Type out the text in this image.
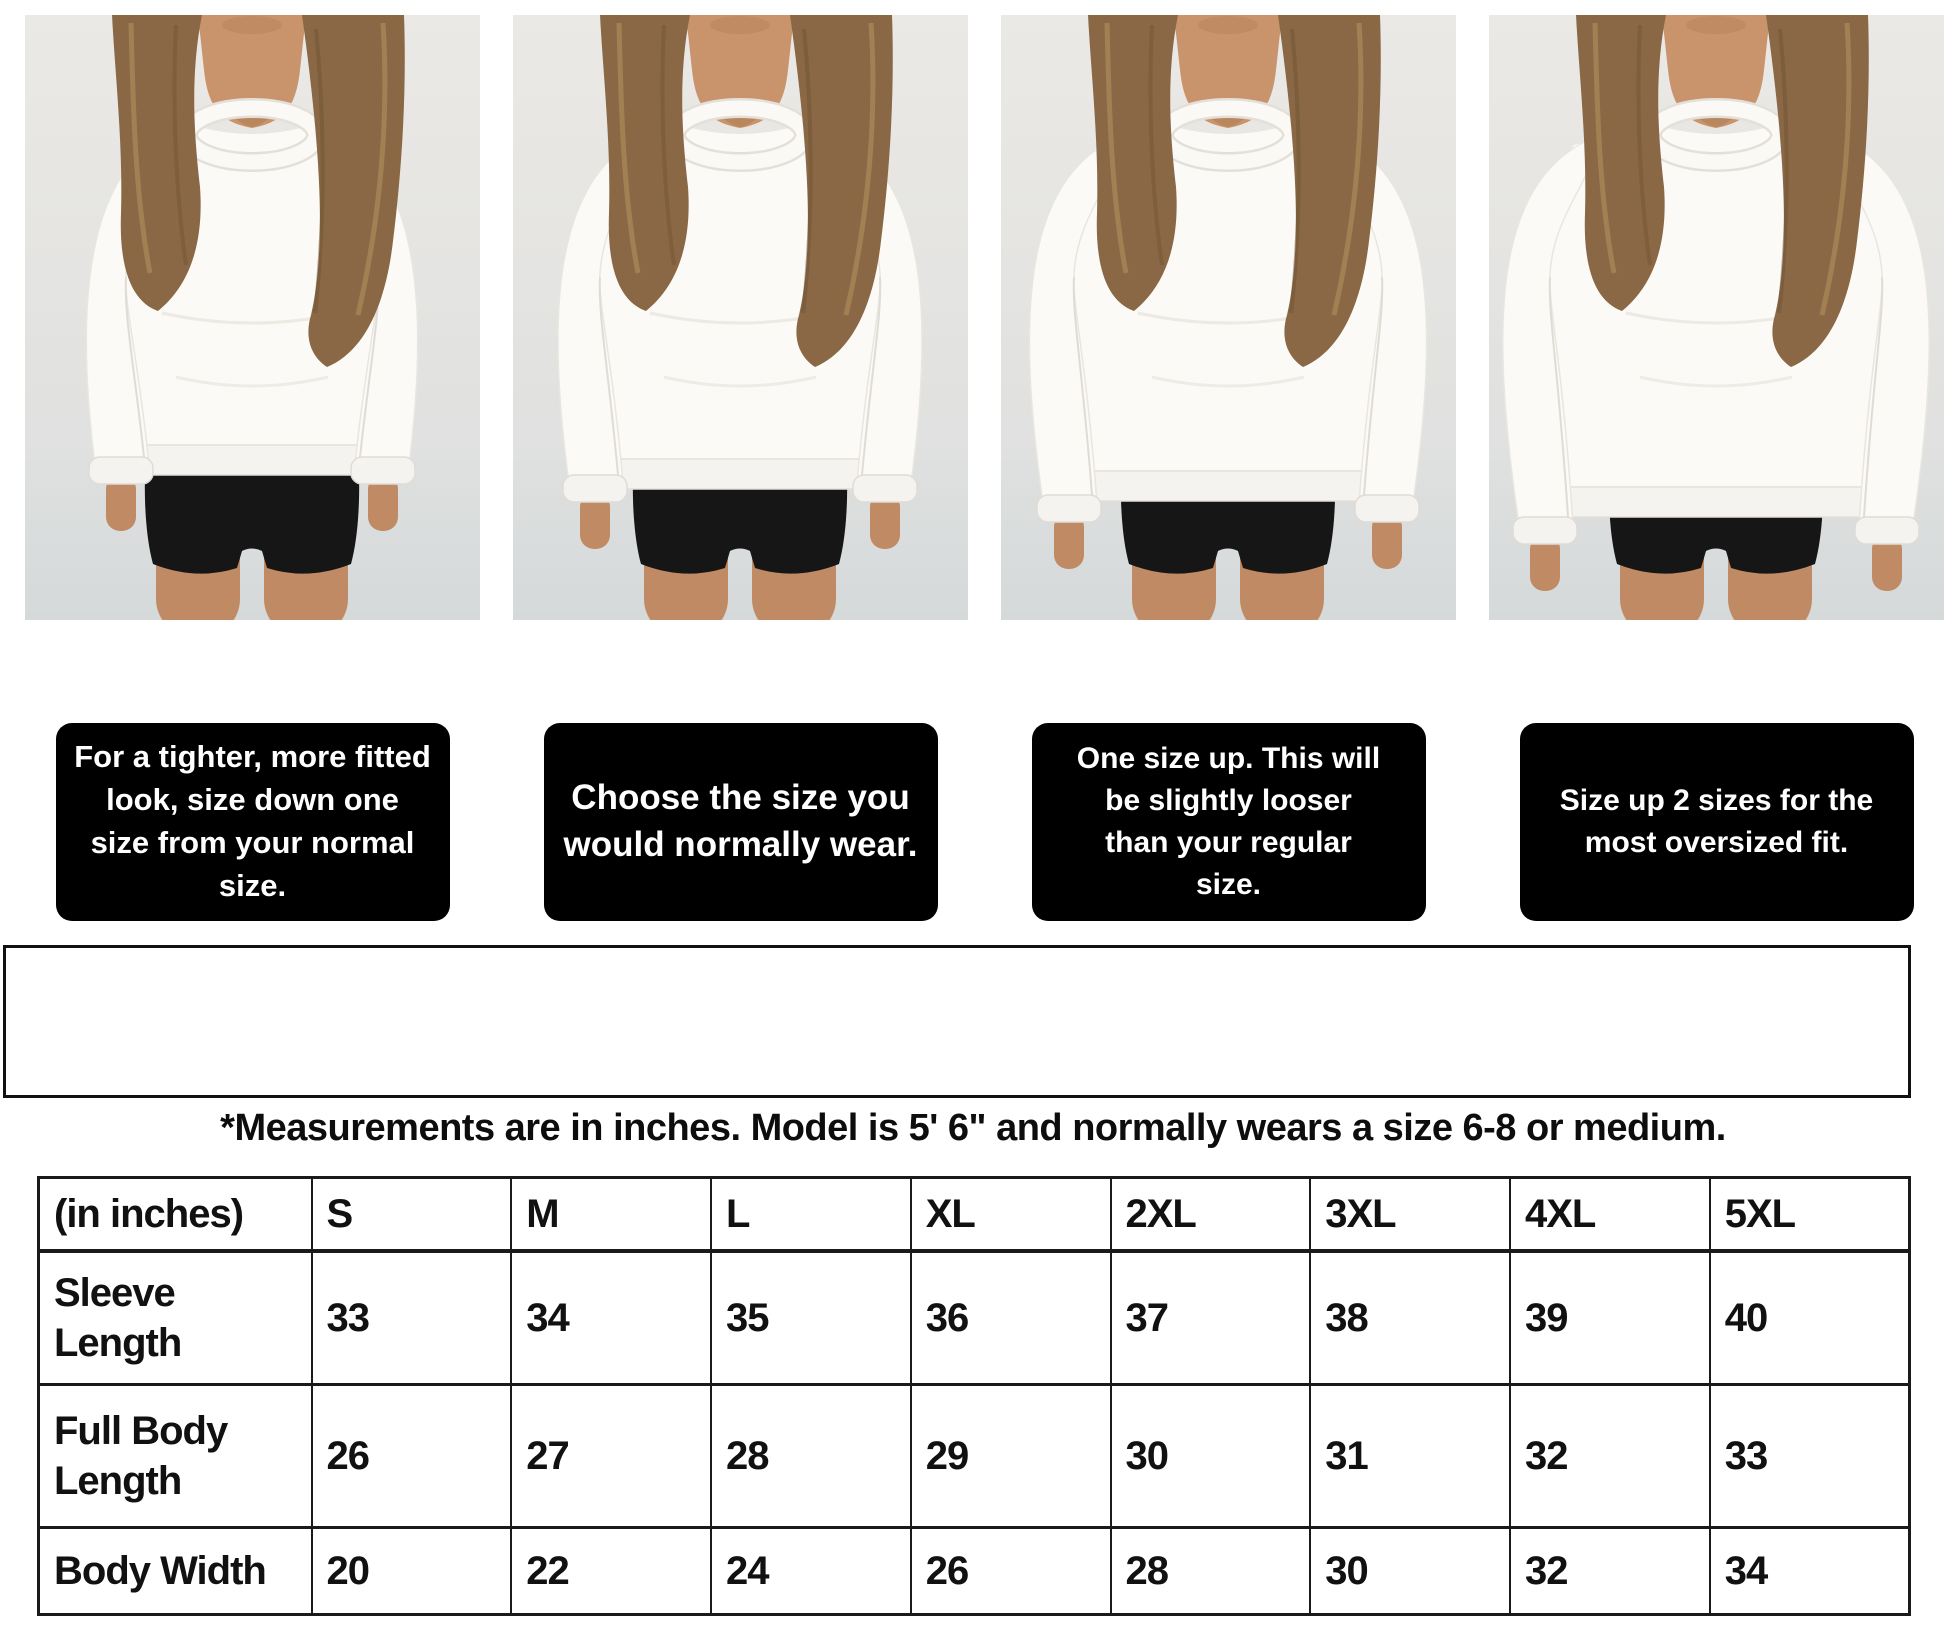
For a tighter, more fitted look, size down one size from your normal size.
Choose the size you would normally wear.
One size up. This will be slightly looser than your regular size.
Size up 2 sizes for the most oversized fit.
*Measurements are in inches. Model is 5' 6" and normally wears a size 6-8 or medium.
(in inches)	S	M	L	XL	2XL	3XL	4XL	5XL
Sleeve Length	33	34	35	36	37	38	39	40
Full Body Length	26	27	28	29	30	31	32	33
Body Width	20	22	24	26	28	30	32	34
